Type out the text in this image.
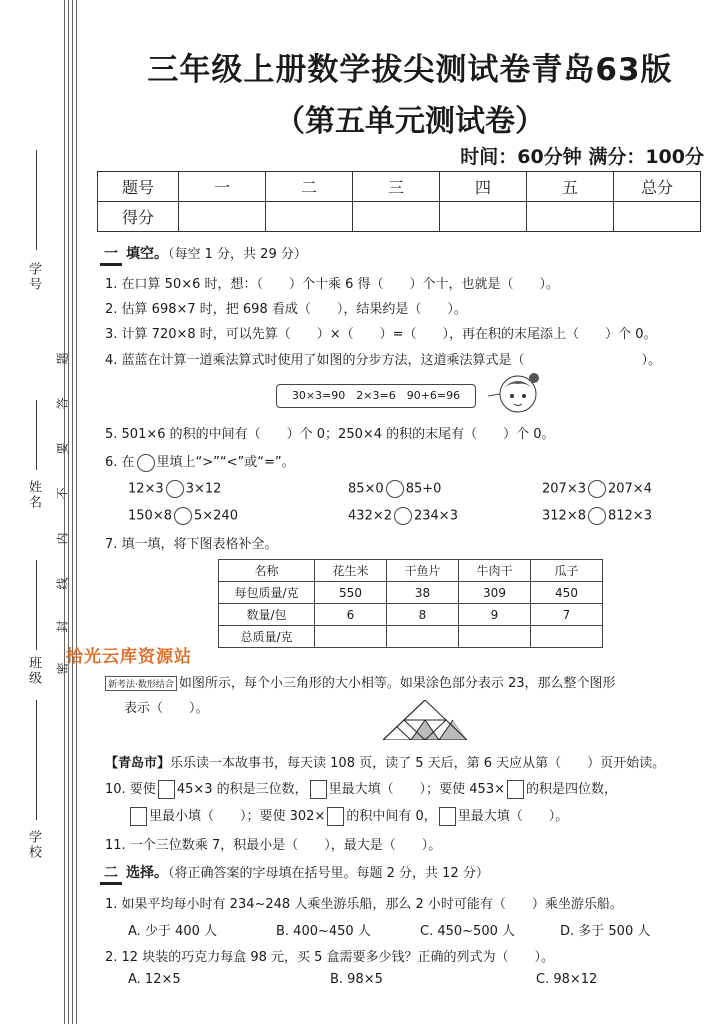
学号
姓名
班级
学校
题
答
要
不
内
线
封
密
三年级上册数学拔尖测试卷青岛63版
（第五单元测试卷）
时间：60分钟 满分：100分
题号	一	二	三	四	五	总分
得分						
一 填空。（每空 1 分，共 29 分）
1. 在口算 50×6 时，想：（　　）个十乘 6 得（　　）个十，也就是（　　）。
2. 估算 698×7 时，把 698 看成（　　），结果约是（　　）。
3. 计算 720×8 时，可以先算（　　）×（　　）=（　　），再在积的末尾添上（　　）个 0。
4. 蓝蓝在计算一道乘法算式时使用了如图的分步方法，这道乘法算式是（　　　　　　　　　）。
30×3=90　2×3=6　90+6=96
5. 501×6 的积的中间有（　　）个 0；250×4 的积的末尾有（　　）个 0。
6. 在 里填上“>”“<”或“=”。
12×3 3×12	85×0 85+0	207×3 207×4
150×8 5×240	432×2 234×3	312×8 812×3
7. 填一填，将下图表格补全。
名称	花生米	干鱼片	牛肉干	瓜子
每包质量/克	550	38	309	450
数量/包	6	8	9	7
总质量/克				
拾光云库资源站
新考法·数形结合 如图所示，每个小三角形的大小相等。如果涂色部分表示 23，那么整个图形
表示（　　）。
【青岛市】乐乐读一本故事书，每天读 108 页，读了 5 天后，第 6 天应从第（　　）页开始读。
10. 要使 45×3 的积是三位数， 里最大填（　　）；要使 453× 的积是四位数，
里最小填（　　）；要使 302× 的积中间有 0， 里最大填（　　）。
11. 一个三位数乘 7，积最小是（　　），最大是（　　）。
二 选择。（将正确答案的字母填在括号里。每题 2 分，共 12 分）
1. 如果平均每小时有 234~248 人乘坐游乐船，那么 2 小时可能有（　　）乘坐游乐船。
A. 少于 400 人	B. 400~450 人	C. 450~500 人	D. 多于 500 人
2. 12 块装的巧克力每盒 98 元，买 5 盒需要多少钱？正确的列式为（　　）。
A. 12×5	B. 98×5	C. 98×12
